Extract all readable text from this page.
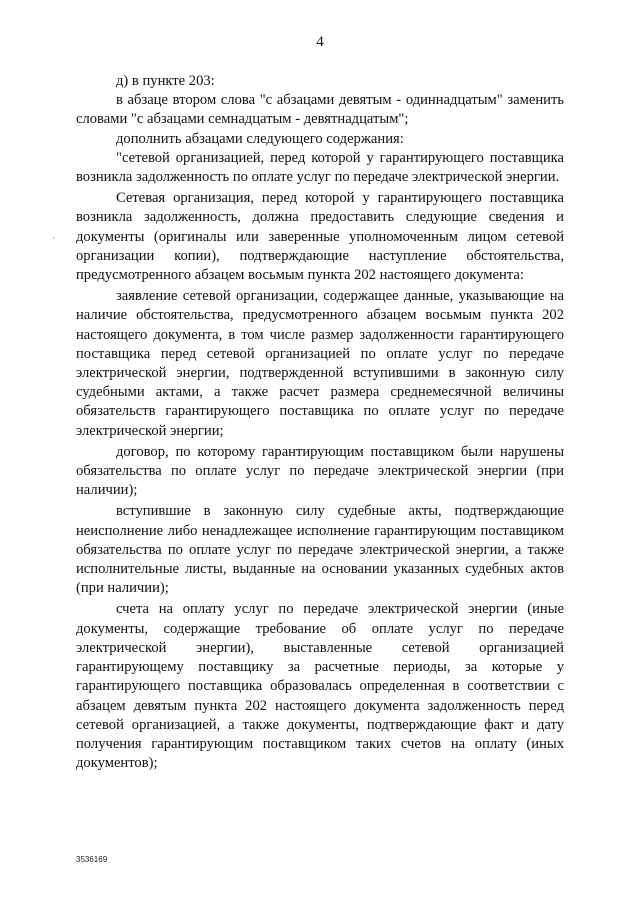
4
·

д) в пункте 203:

в абзаце втором слова "с абзацами девятым - одиннадцатым" заменить словами "с абзацами семнадцатым - девятнадцатым";

дополнить абзацами следующего содержания:

"сетевой организацией, перед которой у гарантирующего поставщика возникла задолженность по оплате услуг по передаче электрической энергии.

Сетевая организация, перед которой у гарантирующего поставщика возникла задолженность, должна предоставить следующие сведения и документы (оригиналы или заверенные уполномоченным лицом сетевой организации копии), подтверждающие наступление обстоятельства, предусмотренного абзацем восьмым пункта 202 настоящего документа:

заявление сетевой организации, содержащее данные, указывающие на наличие обстоятельства, предусмотренного абзацем восьмым пункта 202 настоящего документа, в том числе размер задолженности гарантирующего поставщика перед сетевой организацией по оплате услуг по передаче электрической энергии, подтвержденной вступившими в законную силу судебными актами, а также расчет размера среднемесячной величины обязательств гарантирующего поставщика по оплате услуг по передаче электрической энергии;

договор, по которому гарантирующим поставщиком были нарушены обязательства по оплате услуг по передаче электрической энергии (при наличии);

вступившие в законную силу судебные акты, подтверждающие неисполнение либо ненадлежащее исполнение гарантирующим поставщиком обязательства по оплате услуг по передаче электрической энергии, а также исполнительные листы, выданные на основании указанных судебных актов (при наличии);

счета на оплату услуг по передаче электрической энергии (иные документы, содержащие требование об оплате услуг по передаче электрической энергии), выставленные сетевой организацией гарантирующему поставщику за расчетные периоды, за которые у гарантирующего поставщика образовалась определенная в соответствии с абзацем девятым пункта 202 настоящего документа задолженность перед сетевой организацией, а также документы, подтверждающие факт и дату получения гарантирующим поставщиком таких счетов на оплату (иных документов);

3536169
